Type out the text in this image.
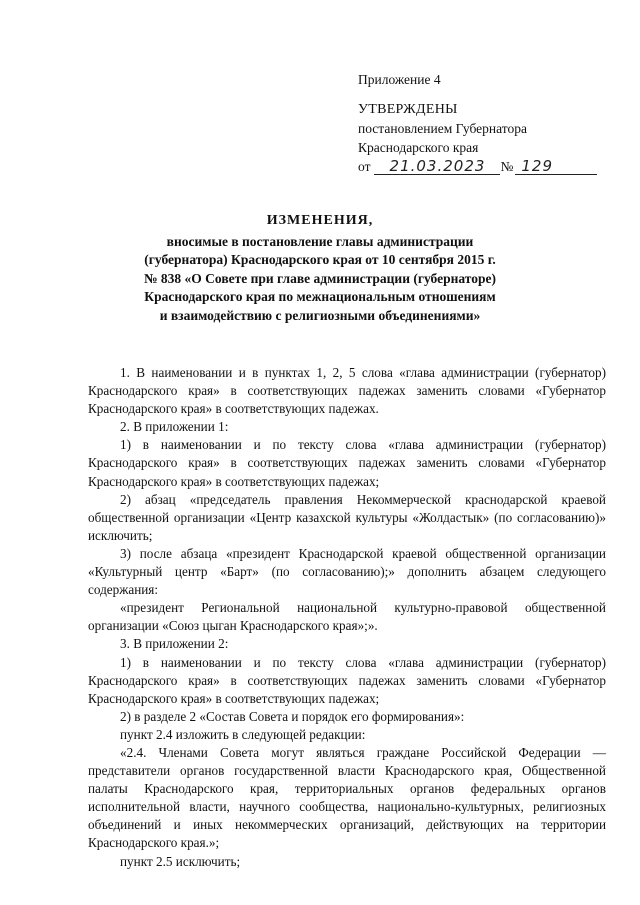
Приложение 4
УТВЕРЖДЕНЫ
постановлением Губернатора
Краснодарского края
от 21.03.2023 № 129
ИЗМЕНЕНИЯ,
вносимые в постановление главы администрации
(губернатора) Краснодарского края от 10 сентября 2015 г.
№ 838 «О Совете при главе администрации (губернаторе)
Краснодарского края по межнациональным отношениям
и взаимодействию с религиозными объединениями»

1. В наименовании и в пунктах 1, 2, 5 слова «глава администрации (губернатор) Краснодарского края» в соответствующих падежах заменить словами «Губернатор Краснодарского края» в соответствующих падежах.

2. В приложении 1:

1) в наименовании и по тексту слова «глава администрации (губернатор) Краснодарского края» в соответствующих падежах заменить словами «Губернатор Краснодарского края» в соответствующих падежах;

2) абзац «председатель правления Некоммерческой краснодарской краевой общественной организации «Центр казахской культуры «Жолдастык» (по согласованию)» исключить;

3) после абзаца «президент Краснодарской краевой общественной организации «Культурный центр «Барт» (по согласованию);» дополнить абзацем следующего содержания:

«президент Региональной национальной культурно-правовой общественной организации «Союз цыган Краснодарского края»;».

3. В приложении 2:

1) в наименовании и по тексту слова «глава администрации (губернатор) Краснодарского края» в соответствующих падежах заменить словами «Губернатор Краснодарского края» в соответствующих падежах;

2) в разделе 2 «Состав Совета и порядок его формирования»:

пункт 2.4 изложить в следующей редакции:

«2.4. Членами Совета могут являться граждане Российской Федерации — представители органов государственной власти Краснодарского края, Общественной палаты Краснодарского края, территориальных органов федеральных органов исполнительной власти, научного сообщества, национально-культурных, религиозных объединений и иных некоммерческих организаций, действующих на территории Краснодарского края.»;

пункт 2.5 исключить;
